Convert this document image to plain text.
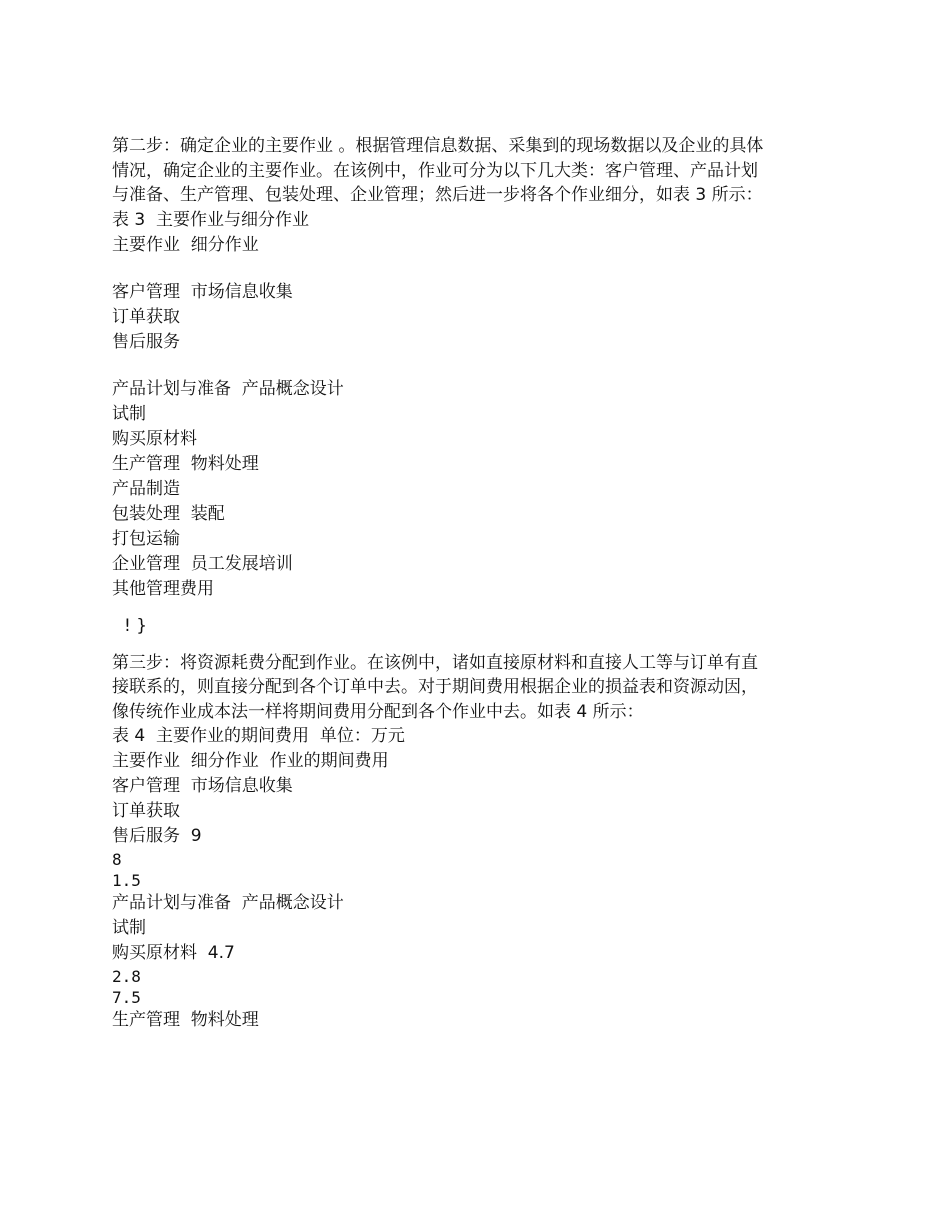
第二步：确定企业的主要作业 。根据管理信息数据、采集到的现场数据以及企业的具体情况，确定企业的主要作业。在该例中，作业可分为以下几大类：客户管理、产品计划与准备、生产管理、包装处理、企业管理；然后进一步将各个作业细分，如表 3 所示：

表 3  主要作业与细分作业
主要作业  细分作业
客户管理  市场信息收集
订单获取
售后服务
产品计划与准备  产品概念设计
试制
购买原材料
生产管理  物料处理
产品制造
包装处理  装配
打包运输
企业管理  员工发展培训
其他管理费用
! }

第三步：将资源耗费分配到作业。在该例中，诸如直接原材料和直接人工等与订单有直接联系的，则直接分配到各个订单中去。对于期间费用根据企业的损益表和资源动因，像传统作业成本法一样将期间费用分配到各个作业中去。如表 4 所示：

表 4  主要作业的期间费用  单位：万元
主要作业  细分作业  作业的期间费用
客户管理  市场信息收集
订单获取
售后服务  9
8
1.5
产品计划与准备  产品概念设计
试制
购买原材料  4.7
2.8
7.5
生产管理  物料处理
